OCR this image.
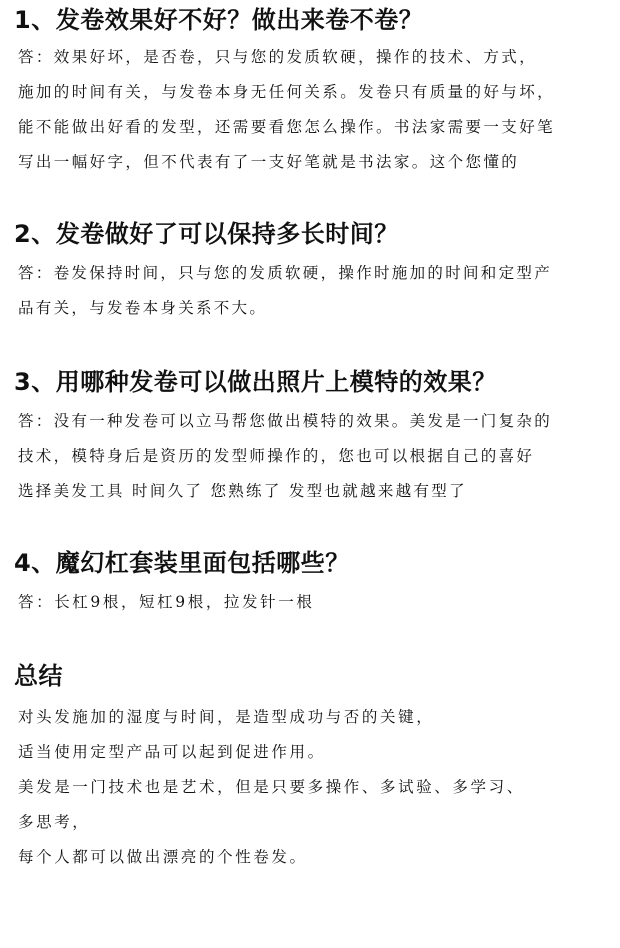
1、发卷效果好不好？做出来卷不卷？

答：效果好坏，是否卷，只与您的发质软硬，操作的技术、方式，

施加的时间有关，与发卷本身无任何关系。发卷只有质量的好与坏，

能不能做出好看的发型，还需要看您怎么操作。书法家需要一支好笔

写出一幅好字，但不代表有了一支好笔就是书法家。这个您懂的

2、发卷做好了可以保持多长时间？

答：卷发保持时间，只与您的发质软硬，操作时施加的时间和定型产

品有关，与发卷本身关系不大。

3、用哪种发卷可以做出照片上模特的效果？

答：没有一种发卷可以立马帮您做出模特的效果。美发是一门复杂的

技术，模特身后是资历的发型师操作的，您也可以根据自己的喜好

选择美发工具 时间久了 您熟练了 发型也就越来越有型了

4、魔幻杠套装里面包括哪些？

答：长杠9根，短杠9根，拉发针一根

总结

对头发施加的湿度与时间，是造型成功与否的关键，

适当使用定型产品可以起到促进作用。

美发是一门技术也是艺术，但是只要多操作、多试验、多学习、

多思考，

每个人都可以做出漂亮的个性卷发。
